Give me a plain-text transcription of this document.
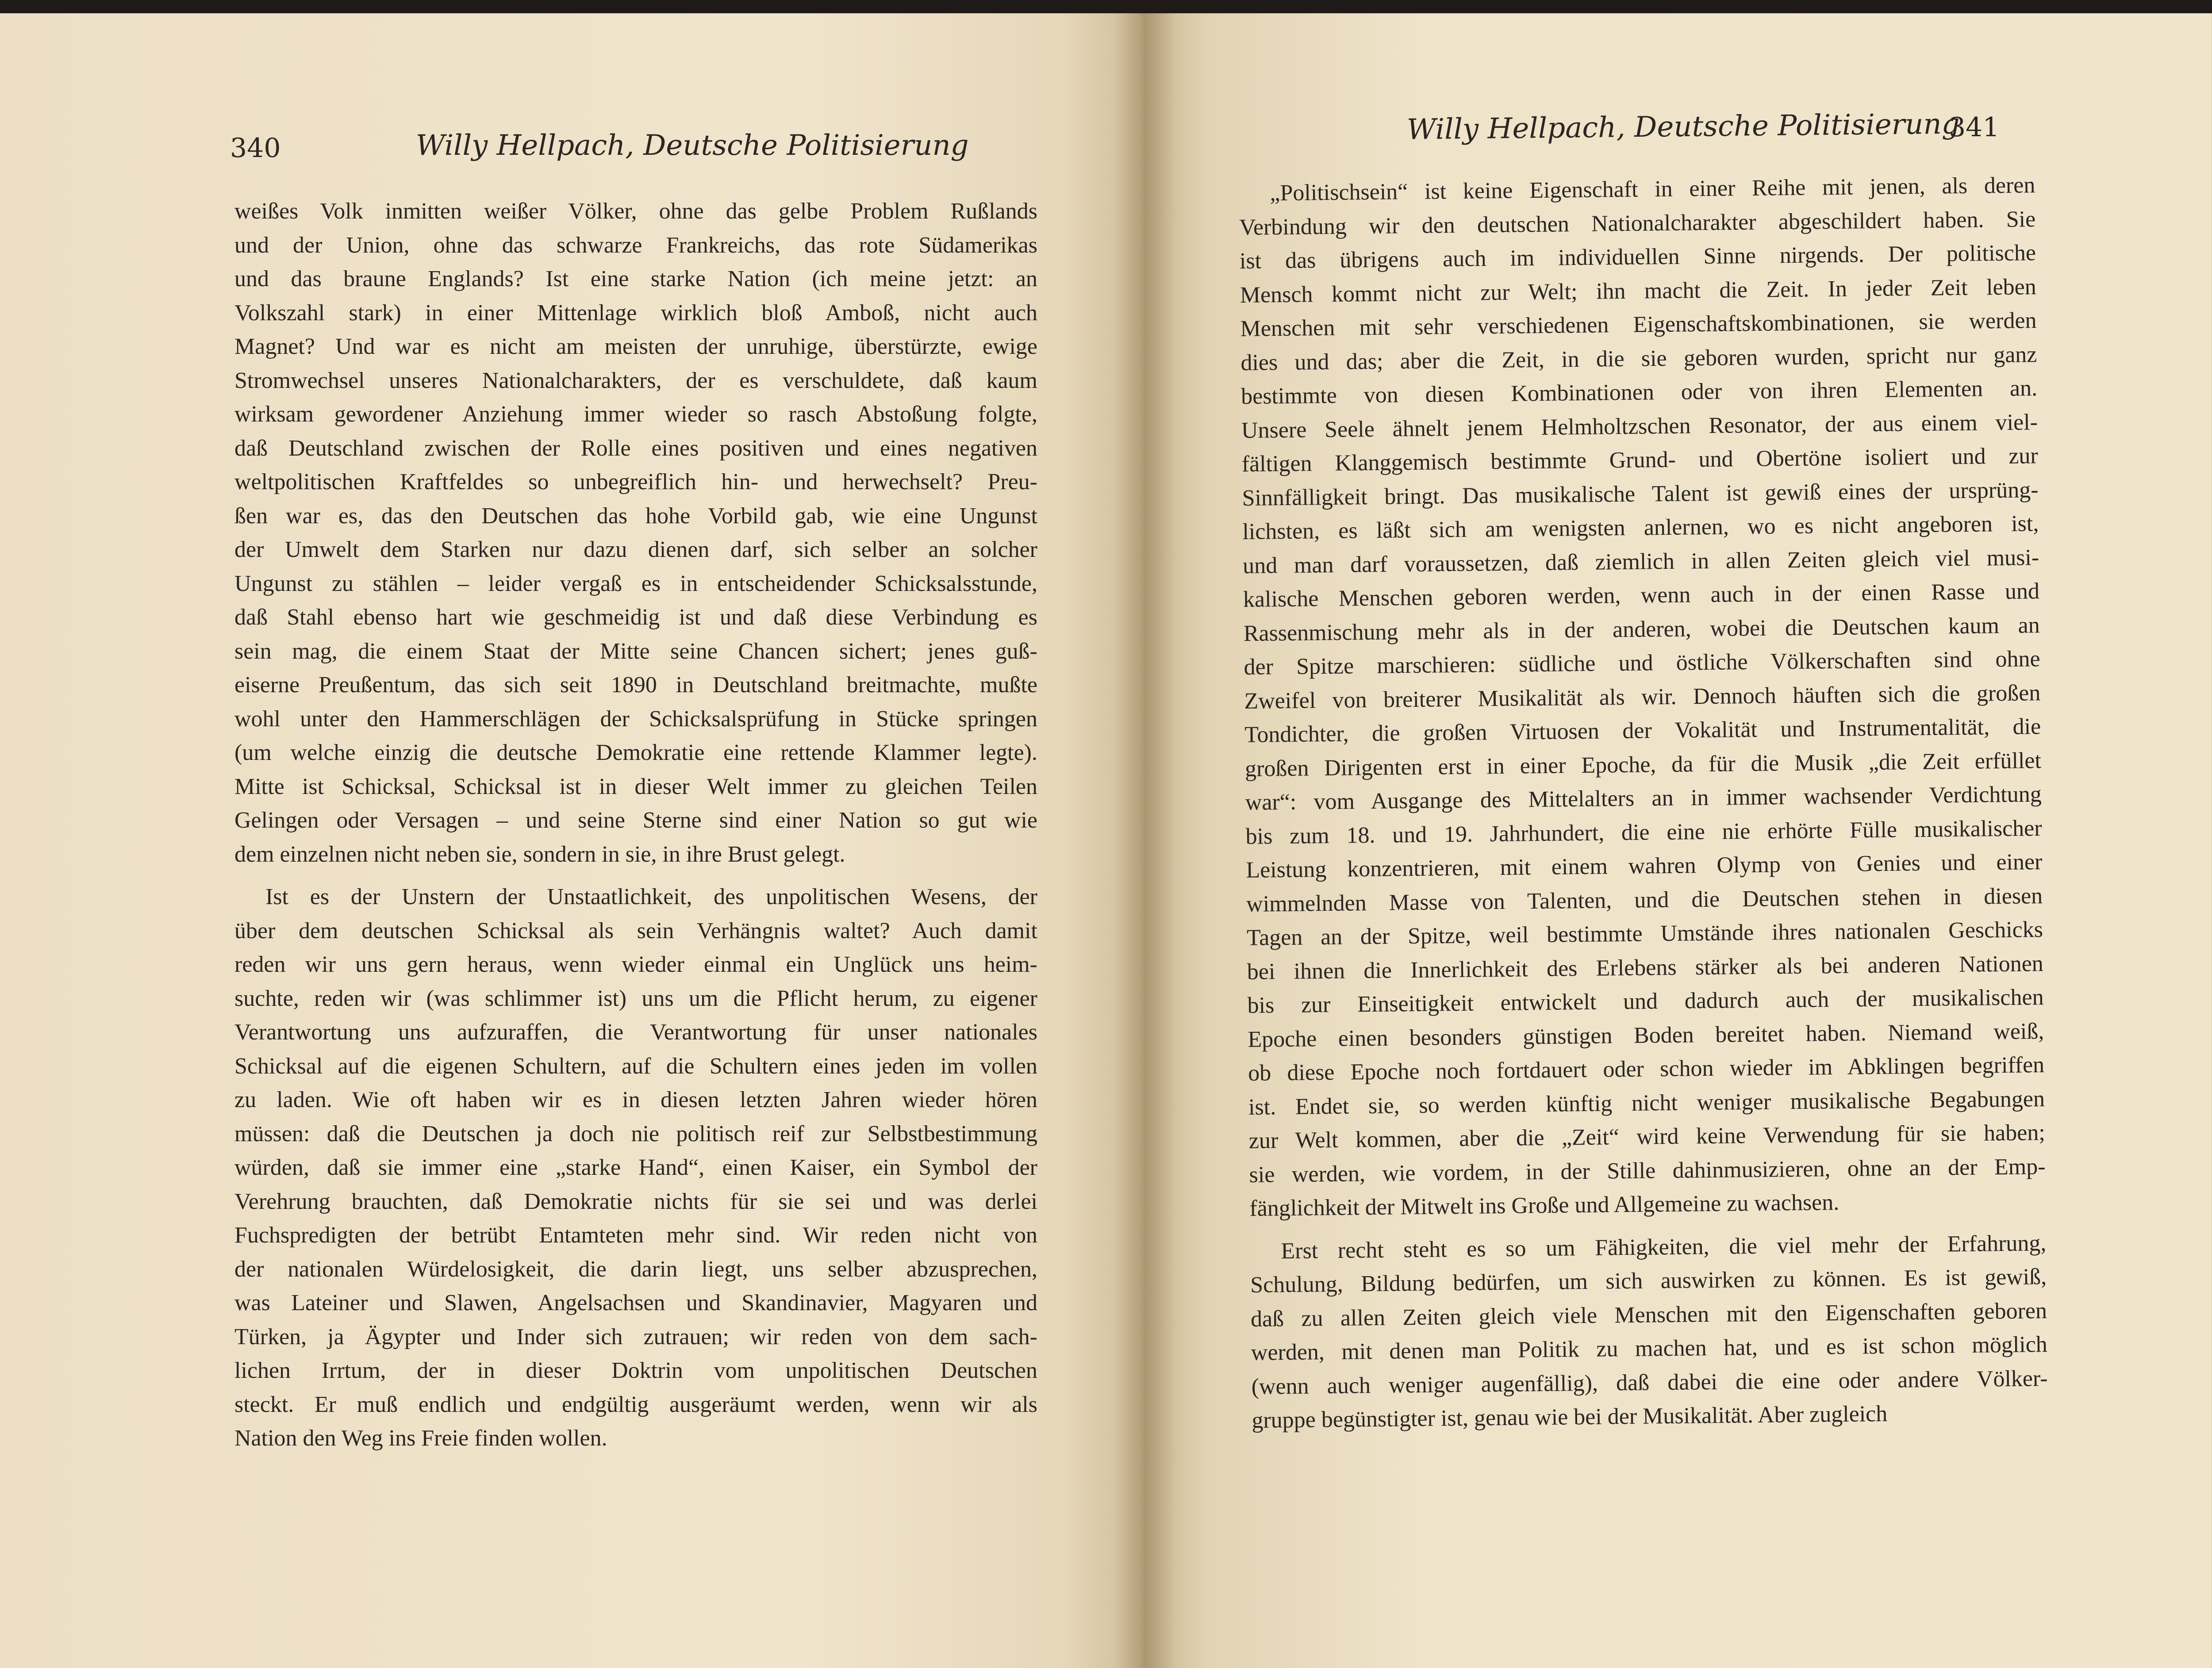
340	Willy Hellpach, Deutsche Politisierung
weißes Volk inmitten weißer Völker, ohne das gelbe Problem Rußlands
und der Union, ohne das schwarze Frankreichs, das rote Südamerikas
und das braune Englands? Ist eine starke Nation (ich meine jetzt: an
Volkszahl stark) in einer Mittenlage wirklich bloß Amboß, nicht auch
Magnet? Und war es nicht am meisten der unruhige, überstürzte, ewige
Stromwechsel unseres Nationalcharakters, der es verschuldete, daß kaum
wirksam gewordener Anziehung immer wieder so rasch Abstoßung folgte,
daß Deutschland zwischen der Rolle eines positiven und eines negativen
weltpolitischen Kraftfeldes so unbegreiflich hin- und herwechselt? Preu-
ßen war es, das den Deutschen das hohe Vorbild gab, wie eine Ungunst
der Umwelt dem Starken nur dazu dienen darf, sich selber an solcher
Ungunst zu stählen – leider vergaß es in entscheidender Schicksalsstunde,
daß Stahl ebenso hart wie geschmeidig ist und daß diese Verbindung es
sein mag, die einem Staat der Mitte seine Chancen sichert; jenes guß-
eiserne Preußentum, das sich seit 1890 in Deutschland breitmachte, mußte
wohl unter den Hammerschlägen der Schicksalsprüfung in Stücke springen
(um welche einzig die deutsche Demokratie eine rettende Klammer legte).
Mitte ist Schicksal, Schicksal ist in dieser Welt immer zu gleichen Teilen
Gelingen oder Versagen – und seine Sterne sind einer Nation so gut wie
dem einzelnen nicht neben sie, sondern in sie, in ihre Brust gelegt.
Ist es der Unstern der Unstaatlichkeit, des unpolitischen Wesens, der
über dem deutschen Schicksal als sein Verhängnis waltet? Auch damit
reden wir uns gern heraus, wenn wieder einmal ein Unglück uns heim-
suchte, reden wir (was schlimmer ist) uns um die Pflicht herum, zu eigener
Verantwortung uns aufzuraffen, die Verantwortung für unser nationales
Schicksal auf die eigenen Schultern, auf die Schultern eines jeden im vollen
zu laden. Wie oft haben wir es in diesen letzten Jahren wieder hören
müssen: daß die Deutschen ja doch nie politisch reif zur Selbstbestimmung
würden, daß sie immer eine „starke Hand“, einen Kaiser, ein Symbol der
Verehrung brauchten, daß Demokratie nichts für sie sei und was derlei
Fuchspredigten der betrübt Entamteten mehr sind. Wir reden nicht von
der nationalen Würdelosigkeit, die darin liegt, uns selber abzusprechen,
was Lateiner und Slawen, Angelsachsen und Skandinavier, Magyaren und
Türken, ja Ägypter und Inder sich zutrauen; wir reden von dem sach-
lichen Irrtum, der in dieser Doktrin vom unpolitischen Deutschen
steckt. Er muß endlich und endgültig ausgeräumt werden, wenn wir als
Nation den Weg ins Freie finden wollen.
Willy Hellpach, Deutsche Politisierung
341
„Politischsein“ ist keine Eigenschaft in einer Reihe mit jenen, als deren
Verbindung wir den deutschen Nationalcharakter abgeschildert haben. Sie
ist das übrigens auch im individuellen Sinne nirgends. Der politische
Mensch kommt nicht zur Welt; ihn macht die Zeit. In jeder Zeit leben
Menschen mit sehr verschiedenen Eigenschaftskombinationen, sie werden
dies und das; aber die Zeit, in die sie geboren wurden, spricht nur ganz
bestimmte von diesen Kombinationen oder von ihren Elementen an.
Unsere Seele ähnelt jenem Helmholtzschen Resonator, der aus einem viel-
fältigen Klanggemisch bestimmte Grund- und Obertöne isoliert und zur
Sinnfälligkeit bringt. Das musikalische Talent ist gewiß eines der ursprüng-
lichsten, es läßt sich am wenigsten anlernen, wo es nicht angeboren ist,
und man darf voraussetzen, daß ziemlich in allen Zeiten gleich viel musi-
kalische Menschen geboren werden, wenn auch in der einen Rasse und
Rassenmischung mehr als in der anderen, wobei die Deutschen kaum an
der Spitze marschieren: südliche und östliche Völkerschaften sind ohne
Zweifel von breiterer Musikalität als wir. Dennoch häuften sich die großen
Tondichter, die großen Virtuosen der Vokalität und Instrumentalität, die
großen Dirigenten erst in einer Epoche, da für die Musik „die Zeit erfüllet
war“: vom Ausgange des Mittelalters an in immer wachsender Verdichtung
bis zum 18. und 19. Jahrhundert, die eine nie erhörte Fülle musikalischer
Leistung konzentrieren, mit einem wahren Olymp von Genies und einer
wimmelnden Masse von Talenten, und die Deutschen stehen in diesen
Tagen an der Spitze, weil bestimmte Umstände ihres nationalen Geschicks
bei ihnen die Innerlichkeit des Erlebens stärker als bei anderen Nationen
bis zur Einseitigkeit entwickelt und dadurch auch der musikalischen
Epoche einen besonders günstigen Boden bereitet haben. Niemand weiß,
ob diese Epoche noch fortdauert oder schon wieder im Abklingen begriffen
ist. Endet sie, so werden künftig nicht weniger musikalische Begabungen
zur Welt kommen, aber die „Zeit“ wird keine Verwendung für sie haben;
sie werden, wie vordem, in der Stille dahinmusizieren, ohne an der Emp-
fänglichkeit der Mitwelt ins Große und Allgemeine zu wachsen.
Erst recht steht es so um Fähigkeiten, die viel mehr der Erfahrung,
Schulung, Bildung bedürfen, um sich auswirken zu können. Es ist gewiß,
daß zu allen Zeiten gleich viele Menschen mit den Eigenschaften geboren
werden, mit denen man Politik zu machen hat, und es ist schon möglich
(wenn auch weniger augenfällig), daß dabei die eine oder andere Völker-
gruppe begünstigter ist, genau wie bei der Musikalität. Aber zugleich
